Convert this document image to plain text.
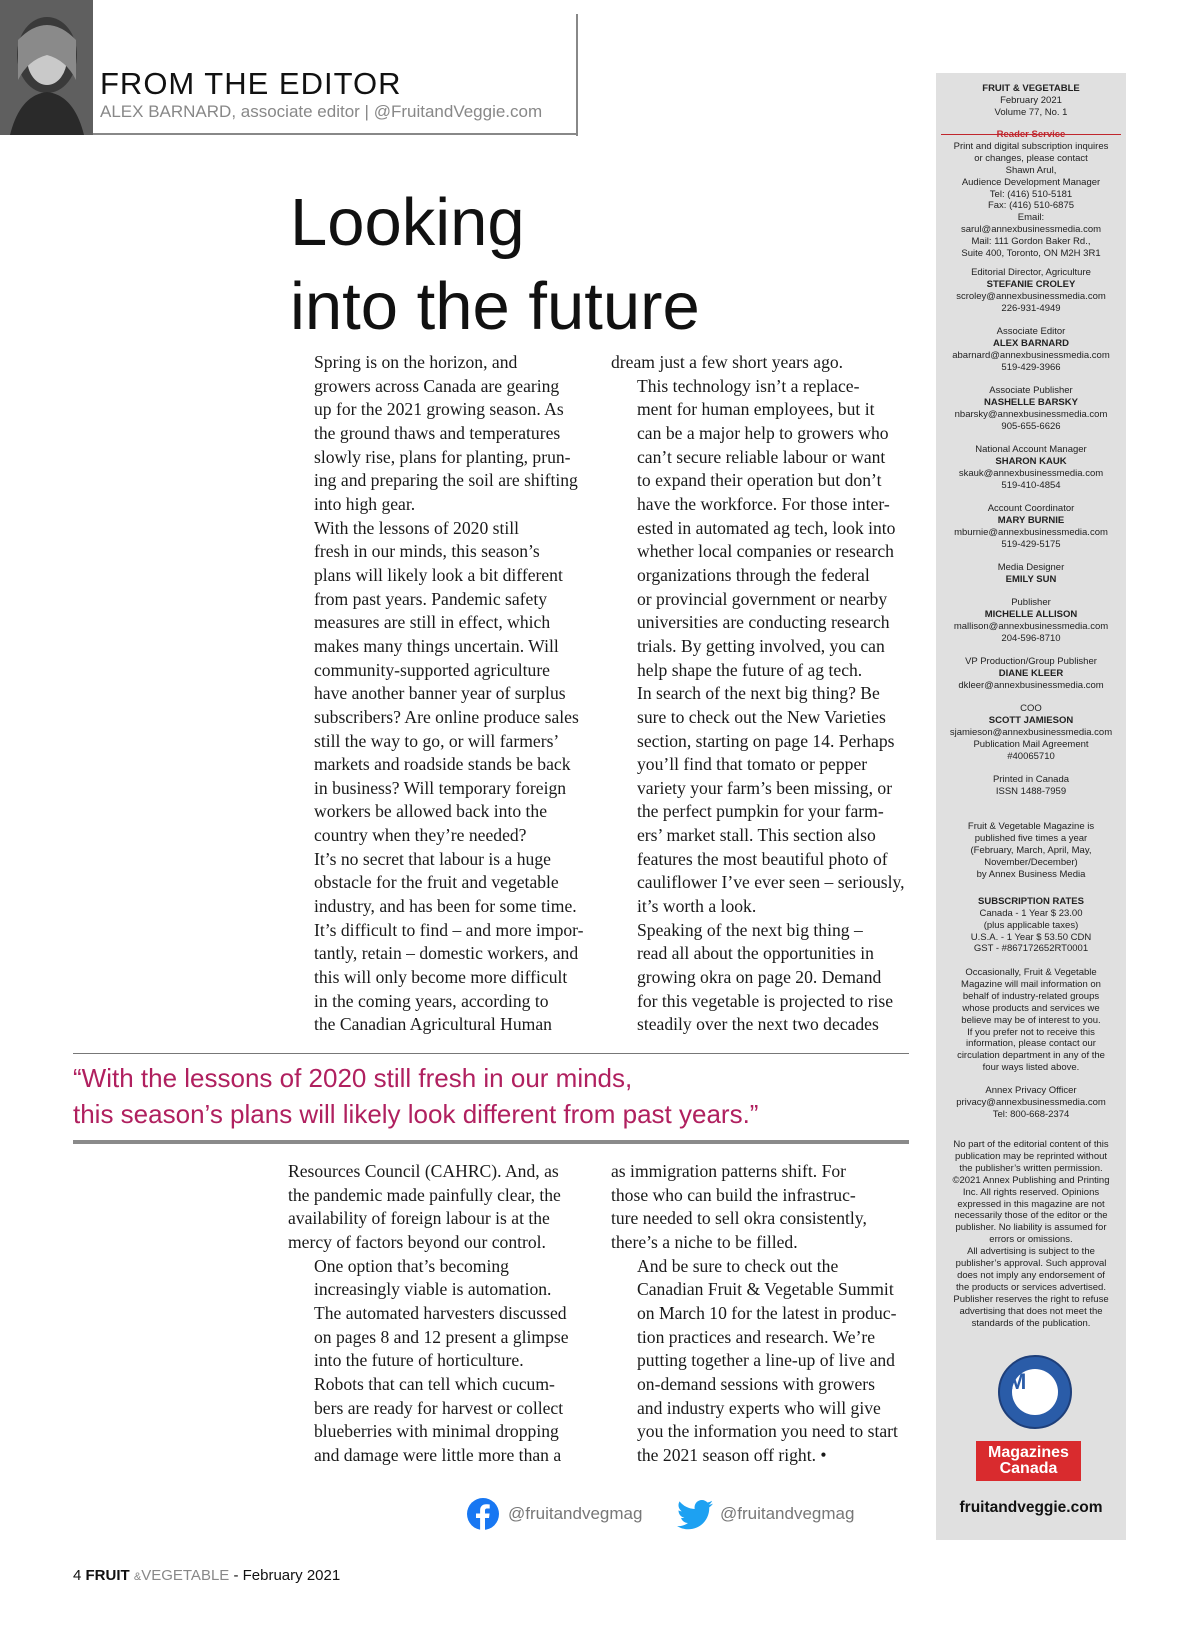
FROM THE EDITOR
ALEX BARNARD, associate editor | @FruitandVeggie.com
Looking
into the future

Spring is on the horizon, and
growers across Canada are gearing
up for the 2021 growing season. As
the ground thaws and temperatures
slowly rise, plans for planting, prun-
ing and preparing the soil are shifting
into high gear.

With the lessons of 2020 still
fresh in our minds, this season’s
plans will likely look a bit different
from past years. Pandemic safety
measures are still in effect, which
makes many things uncertain. Will
community-supported agriculture
have another banner year of surplus
subscribers? Are online produce sales
still the way to go, or will farmers’
markets and roadside stands be back
in business? Will temporary foreign
workers be allowed back into the
country when they’re needed?

It’s no secret that labour is a huge
obstacle for the fruit and vegetable
industry, and has been for some time.
It’s difficult to find – and more impor-
tantly, retain – domestic workers, and
this will only become more difficult
in the coming years, according to
the Canadian Agricultural Human

dream just a few short years ago.

This technology isn’t a replace-
ment for human employees, but it
can be a major help to growers who
can’t secure reliable labour or want
to expand their operation but don’t
have the workforce. For those inter-
ested in automated ag tech, look into
whether local companies or research
organizations through the federal
or provincial government or nearby
universities are conducting research
trials. By getting involved, you can
help shape the future of ag tech.

In search of the next big thing? Be
sure to check out the New Varieties
section, starting on page 14. Perhaps
you’ll find that tomato or pepper
variety your farm’s been missing, or
the perfect pumpkin for your farm-
ers’ market stall. This section also
features the most beautiful photo of
cauliflower I’ve ever seen – seriously,
it’s worth a look.

Speaking of the next big thing –
read all about the opportunities in
growing okra on page 20. Demand
for this vegetable is projected to rise
steadily over the next two decades

“With the lessons of 2020 still fresh in our minds,
this season’s plans will likely look different from past years.”

Resources Council (CAHRC). And, as
the pandemic made painfully clear, the
availability of foreign labour is at the
mercy of factors beyond our control.

One option that’s becoming
increasingly viable is automation.
The automated harvesters discussed
on pages 8 and 12 present a glimpse
into the future of horticulture.
Robots that can tell which cucum-
bers are ready for harvest or collect
blueberries with minimal dropping
and damage were little more than a

as immigration patterns shift. For
those who can build the infrastruc-
ture needed to sell okra consistently,
there’s a niche to be filled.

And be sure to check out the
Canadian Fruit & Vegetable Summit
on March 10 for the latest in produc-
tion practices and research. We’re
putting together a line-up of live and
on-demand sessions with growers
and industry experts who will give
you the information you need to start
the 2021 season off right. •

@fruitandvegmag	@fruitandvegmag
4 FRUIT &VEGETABLE - February 2021
FRUIT & VEGETABLE
February 2021
Volume 77, No. 1
Reader Service
Print and digital subscription inquires
or changes, please contact
Shawn Arul,
Audience Development Manager
Tel: (416) 510-5181
Fax: (416) 510-6875
Email:
sarul@annexbusinessmedia.com
Mail: 111 Gordon Baker Rd.,
Suite 400, Toronto, ON M2H 3R1
Editorial Director, Agriculture
STEFANIE CROLEY
scroley@annexbusinessmedia.com
226-931-4949
Associate Editor
ALEX BARNARD
abarnard@annexbusinessmedia.com
519-429-3966
Associate Publisher
NASHELLE BARSKY
nbarsky@annexbusinessmedia.com
905-655-6626
National Account Manager
SHARON KAUK
skauk@annexbusinessmedia.com
519-410-4854
Account Coordinator
MARY BURNIE
mburnie@annexbusinessmedia.com
519-429-5175
Media Designer
EMILY SUN
Publisher
MICHELLE ALLISON
mallison@annexbusinessmedia.com
204-596-8710
VP Production/Group Publisher
DIANE KLEER
dkleer@annexbusinessmedia.com
COO
SCOTT JAMIESON
sjamieson@annexbusinessmedia.com
Publication Mail Agreement
#40065710
Printed in Canada
ISSN 1488-7959
Fruit & Vegetable Magazine is
published five times a year
(February, March, April, May,
November/December)
by Annex Business Media
SUBSCRIPTION RATES
Canada - 1 Year $ 23.00
(plus applicable taxes)
U.S.A. - 1 Year $ 53.50 CDN
GST - #867172652RT0001
Occasionally, Fruit & Vegetable
Magazine will mail information on
behalf of industry-related groups
whose products and services we
believe may be of interest to you.
If you prefer not to receive this
information, please contact our
circulation department in any of the
four ways listed above.
Annex Privacy Officer
privacy@annexbusinessmedia.com
Tel: 800-668-2374
No part of the editorial content of this
publication may be reprinted without
the publisher’s written permission.
©2021 Annex Publishing and Printing
Inc. All rights reserved. Opinions
expressed in this magazine are not
necessarily those of the editor or the
publisher. No liability is assumed for
errors or omissions.
All advertising is subject to the
publisher’s approval. Such approval
does not imply any endorsement of
the products or services advertised.
Publisher reserves the right to refuse
advertising that does not meet the
standards of the publication.
M
Magazines
Canada
fruitandveggie.com
